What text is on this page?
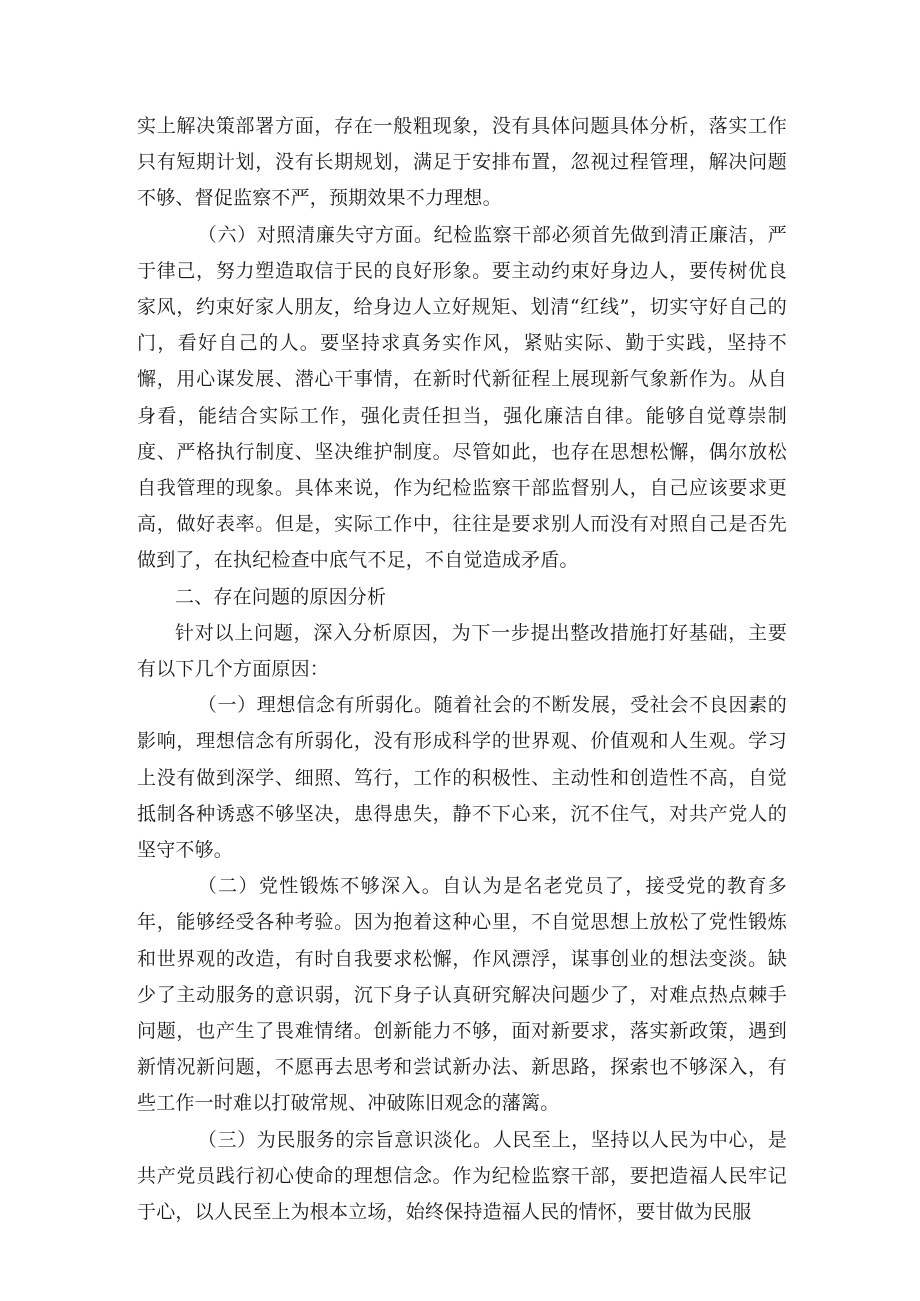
实上解决策部署方面，存在一般粗现象，没有具体问题具体分析，落实工作只有短期计划，没有长期规划，满足于安排布置，忽视过程管理，解决问题不够、督促监察不严，预期效果不力理想。

（六）对照清廉失守方面。纪检监察干部必须首先做到清正廉洁，严于律己，努力塑造取信于民的良好形象。要主动约束好身边人，要传树优良家风，约束好家人朋友，给身边人立好规矩、划清“红线”，切实守好自己的门，看好自己的人。要坚持求真务实作风，紧贴实际、勤于实践，坚持不懈，用心谋发展、潜心干事情，在新时代新征程上展现新气象新作为。从自身看，能结合实际工作，强化责任担当，强化廉洁自律。能够自觉尊崇制度、严格执行制度、坚决维护制度。尽管如此，也存在思想松懈，偶尔放松自我管理的现象。具体来说，作为纪检监察干部监督别人，自己应该要求更高，做好表率。但是，实际工作中，往往是要求别人而没有对照自己是否先做到了，在执纪检查中底气不足，不自觉造成矛盾。

二、存在问题的原因分析

针对以上问题，深入分析原因，为下一步提出整改措施打好基础，主要有以下几个方面原因：

（一）理想信念有所弱化。随着社会的不断发展，受社会不良因素的影响，理想信念有所弱化，没有形成科学的世界观、价值观和人生观。学习上没有做到深学、细照、笃行，工作的积极性、主动性和创造性不高，自觉抵制各种诱惑不够坚决，患得患失，静不下心来，沉不住气，对共产党人的坚守不够。

（二）党性锻炼不够深入。自认为是名老党员了，接受党的教育多年，能够经受各种考验。因为抱着这种心里，不自觉思想上放松了党性锻炼和世界观的改造，有时自我要求松懈，作风漂浮，谋事创业的想法变淡。缺少了主动服务的意识弱，沉下身子认真研究解决问题少了，对难点热点棘手问题，也产生了畏难情绪。创新能力不够，面对新要求，落实新政策，遇到新情况新问题，不愿再去思考和尝试新办法、新思路，探索也不够深入，有些工作一时难以打破常规、冲破陈旧观念的藩篱。

（三）为民服务的宗旨意识淡化。人民至上，坚持以人民为中心，是共产党员践行初心使命的理想信念。作为纪检监察干部，要把造福人民牢记于心，以人民至上为根本立场，始终保持造福人民的情怀，要甘做为民服
